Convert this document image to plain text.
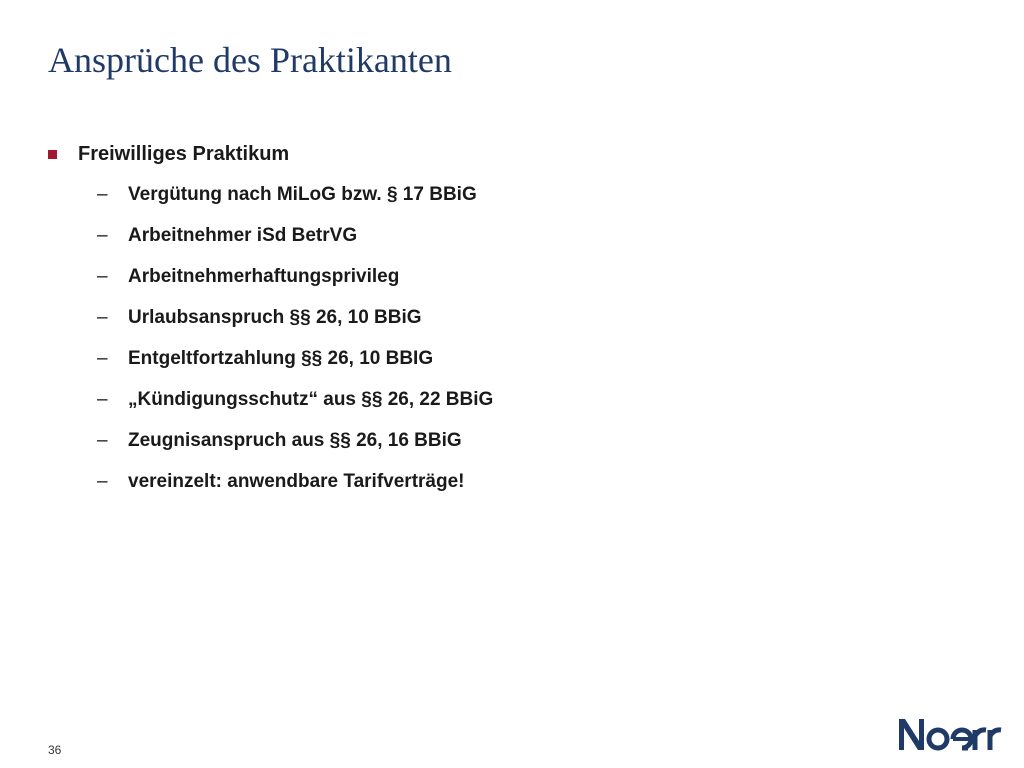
Ansprüche des Praktikanten
Freiwilliges Praktikum
– Vergütung nach MiLoG bzw. § 17 BBiG
– Arbeitnehmer iSd BetrVG
– Arbeitnehmerhaftungsprivileg
– Urlaubsanspruch §§ 26, 10 BBiG
– Entgeltfortzahlung §§ 26, 10 BBIG
– „Kündigungsschutz“ aus §§ 26, 22 BBiG
– Zeugnisanspruch aus §§ 26, 16 BBiG
– vereinzelt: anwendbare Tarifverträge!
36
